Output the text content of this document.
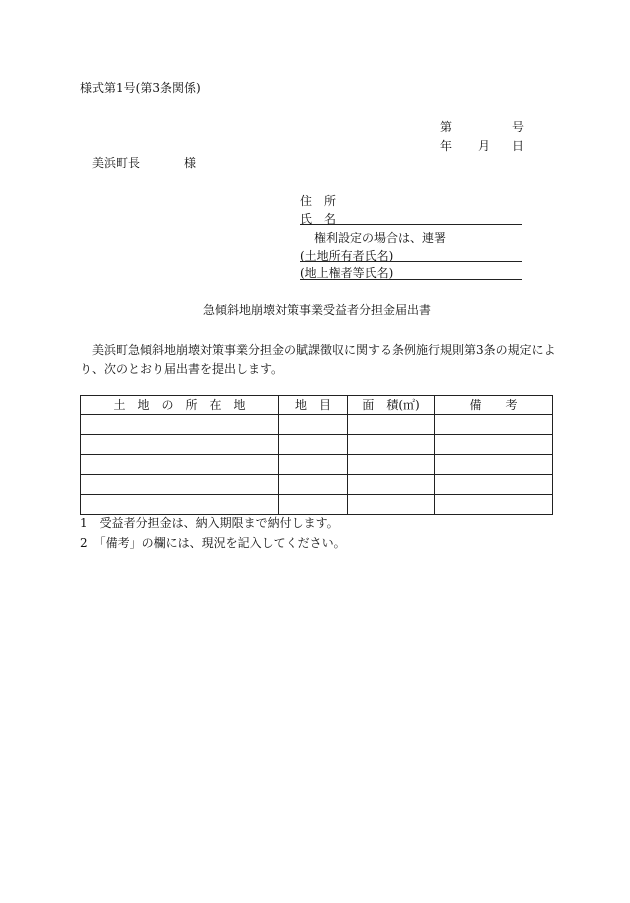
様式第1号(第3条関係)
第	号
年 月 日
美浜町長	様
住　所
氏　名
権利設定の場合は、連署
(土地所有者氏名)
(地上権者等氏名)
急傾斜地崩壊対策事業受益者分担金届出書
美浜町急傾斜地崩壊対策事業分担金の賦課徴収に関する条例施行規則第3条の規定によ
り、次のとおり届出書を提出します。
土　地　の　所　在　地	地　目	面　積(㎡)	備　　考

1　受益者分担金は、納入期限まで納付します。
2　「備考」の欄には、現況を記入してください。
